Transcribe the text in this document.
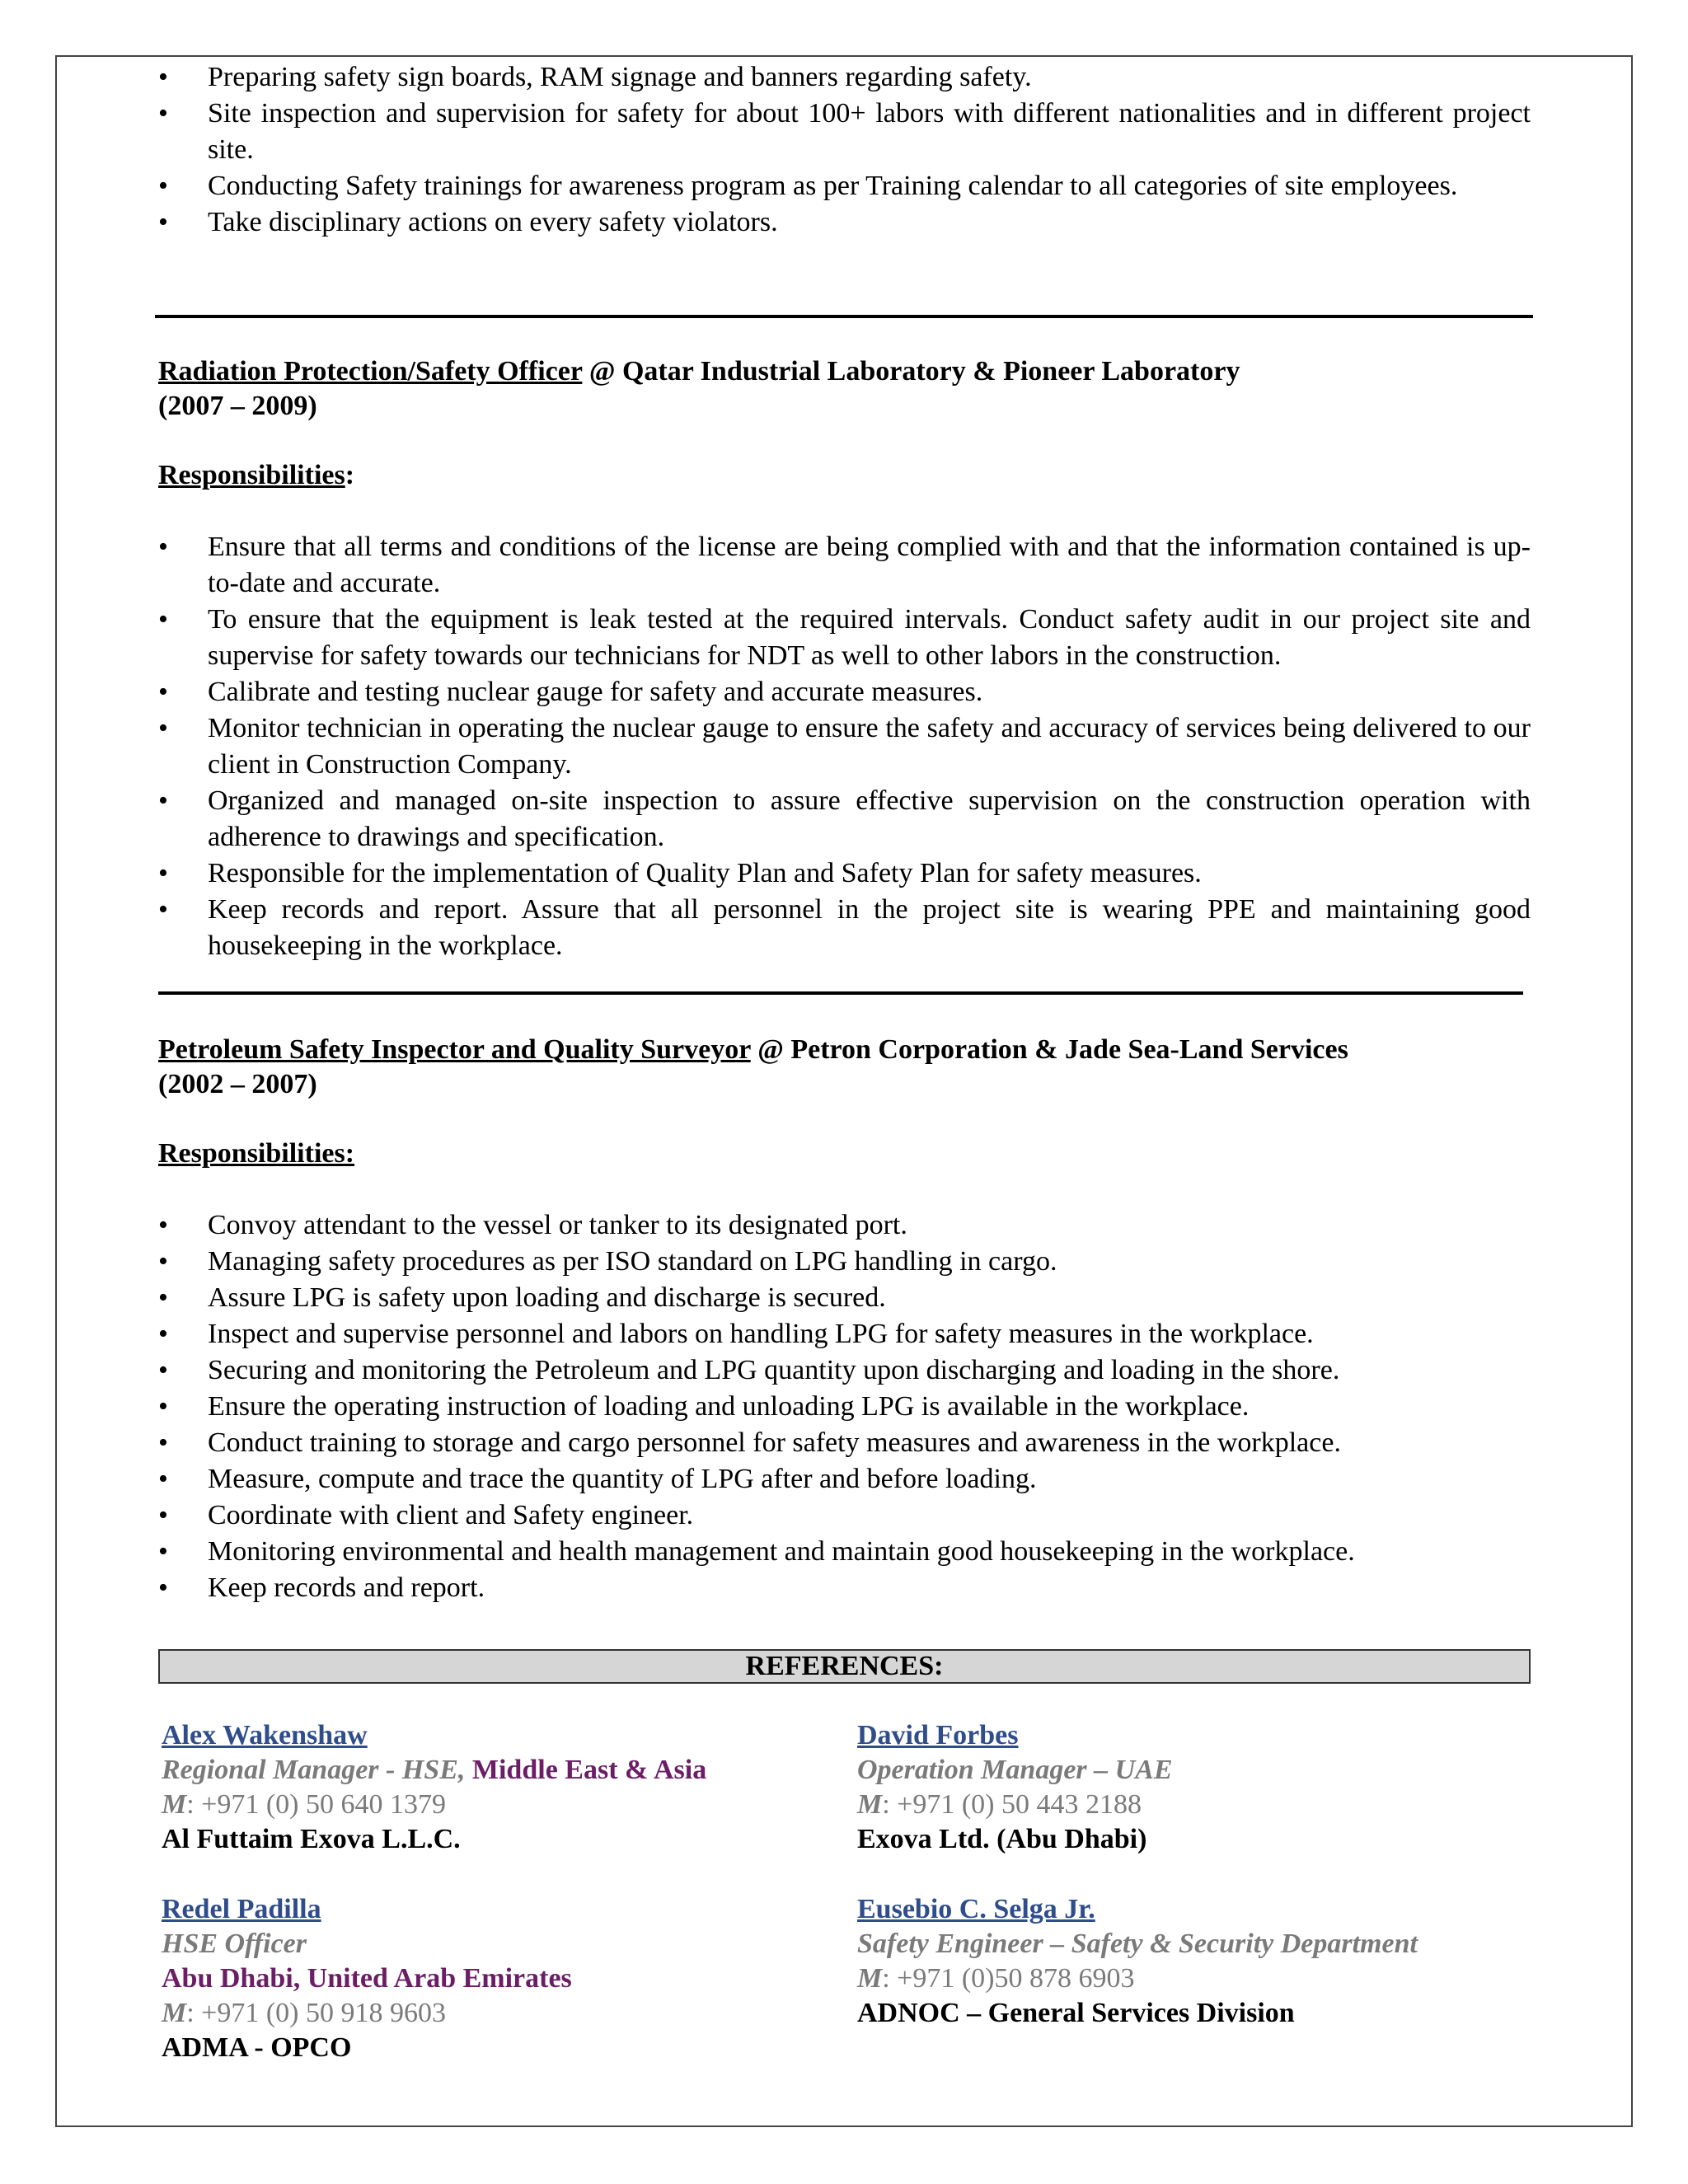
• Preparing safety sign boards, RAM signage and banners regarding safety.
• Site inspection and supervision for safety for about 100+ labors with different nationalities and in different project site.
• Conducting Safety trainings for awareness program as per Training calendar to all categories of site employees.
• Take disciplinary actions on every safety violators.
Radiation Protection/Safety Officer @ Qatar Industrial Laboratory & Pioneer Laboratory
(2007 – 2009)
Responsibilities:
• Ensure that all terms and conditions of the license are being complied with and that the information contained is up-to-date and accurate.
• To ensure that the equipment is leak tested at the required intervals. Conduct safety audit in our project site and supervise for safety towards our technicians for NDT as well to other labors in the construction.
• Calibrate and testing nuclear gauge for safety and accurate measures.
• Monitor technician in operating the nuclear gauge to ensure the safety and accuracy of services being delivered to our client in Construction Company.
• Organized and managed on-site inspection to assure effective supervision on the construction operation with adherence to drawings and specification.
• Responsible for the implementation of Quality Plan and Safety Plan for safety measures.
• Keep records and report. Assure that all personnel in the project site is wearing PPE and maintaining good housekeeping in the workplace.
Petroleum Safety Inspector and Quality Surveyor @ Petron Corporation & Jade Sea-Land Services
(2002 – 2007)
Responsibilities:
• Convoy attendant to the vessel or tanker to its designated port.
• Managing safety procedures as per ISO standard on LPG handling in cargo.
• Assure LPG is safety upon loading and discharge is secured.
• Inspect and supervise personnel and labors on handling LPG for safety measures in the workplace.
• Securing and monitoring the Petroleum and LPG quantity upon discharging and loading in the shore.
• Ensure the operating instruction of loading and unloading LPG is available in the workplace.
• Conduct training to storage and cargo personnel for safety measures and awareness in the workplace.
• Measure, compute and trace the quantity of LPG after and before loading.
• Coordinate with client and Safety engineer.
• Monitoring environmental and health management and maintain good housekeeping in the workplace.
• Keep records and report.
REFERENCES:
Alex Wakenshaw
Regional Manager - HSE, Middle East & Asia
M: +971 (0) 50 640 1379
Al Futtaim Exova L.L.C.
David Forbes
Operation Manager – UAE
M: +971 (0) 50 443 2188
Exova Ltd. (Abu Dhabi)
Redel Padilla
HSE Officer
Abu Dhabi, United Arab Emirates
M: +971 (0) 50 918 9603
ADMA - OPCO
Eusebio C. Selga Jr.
Safety Engineer – Safety & Security Department
M: +971 (0)50 878 6903
ADNOC – General Services Division
